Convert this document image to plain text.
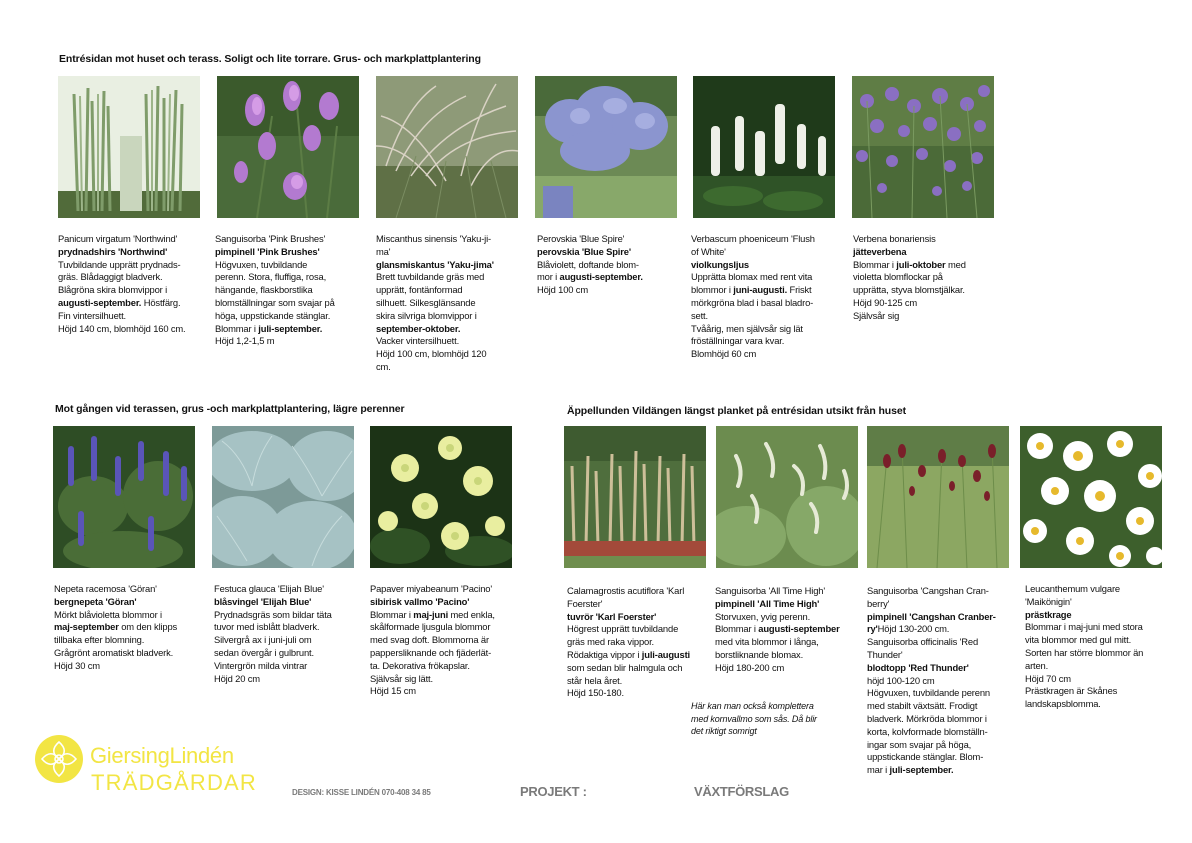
Entrésidan mot huset och terass. Soligt och lite torrare. Grus- och markplattplantering
Mot gången vid terassen, grus -och markplattplantering, lägre perenner	Äppellunden Vildängen längst planket på entrésidan utsikt från huset
Panicum virgatum 'Northwind'
prydnadshirs 'Northwind'
Tuvbildande upprätt prydnads-
gräs. Blådaggigt bladverk.
Blågröna skira blomvippor i
augusti-september. Höstfärg.
Fin vintersilhuett.
Höjd 140 cm, blomhöjd 160 cm.
Sanguisorba 'Pink Brushes'
pimpinell 'Pink Brushes'
Högvuxen, tuvbildande
perenn. Stora, fluffiga, rosa,
hängande, flaskborstlika
blomställningar som svajar på
höga, uppstickande stänglar.
Blommar i juli-september.
Höjd 1,2-1,5 m
Miscanthus sinensis 'Yaku-ji-
ma'
glansmiskantus 'Yaku-jima'
Brett tuvbildande gräs med
upprätt, fontänformad
silhuett. Silkesglänsande
skira silvriga blomvippor i
september-oktober.
Vacker vintersilhuett.
Höjd 100 cm, blomhöjd 120
cm.
Perovskia 'Blue Spire'
perovskia 'Blue Spire'
Blåviolett, doftande blom-
mor i augusti-september.
Höjd 100 cm
Verbascum phoeniceum 'Flush
of White'
violkungsljus
Upprätta blomax med rent vita
blommor i juni-augusti. Friskt
mörkgröna blad i basal bladro-
sett.
Tvåårig, men självsår sig lät
fröställningar vara kvar.
Blomhöjd 60 cm
Verbena bonariensis
jätteverbena
Blommar i juli-oktober med
violetta blomflockar på
upprätta, styva blomstjälkar.
Höjd 90-125 cm
Självsår sig
Nepeta racemosa 'Göran'
bergnepeta 'Göran'
Mörkt blåvioletta blommor i
maj-september om den klipps
tillbaka efter blomning.
Grågrönt aromatiskt bladverk.
Höjd 30 cm
Festuca glauca 'Elijah Blue'
blåsvingel 'Elijah Blue'
Prydnadsgräs som bildar täta
tuvor med isblått bladverk.
Silvergrå ax i juni-juli om
sedan övergår i gulbrunt.
Vintergrön milda vintrar
Höjd 20 cm
Papaver miyabeanum 'Pacino'
sibirisk vallmo 'Pacino'
Blommar i maj-juni med enkla,
skålformade ljusgula blommor
med svag doft. Blommorna är
pappersliknande och fjäderlät-
ta. Dekorativa frökapslar.
Självsår sig lätt.
Höjd 15 cm
Calamagrostis acutiflora 'Karl
Foerster'
tuvrör 'Karl Foerster'
Högrest upprätt tuvbildande
gräs med raka vippor.
Rödaktiga vippor i juli-augusti
som sedan blir halmgula och
står hela året.
Höjd 150-180.
Sanguisorba 'All Time High'
pimpinell 'All Time High'
Storvuxen, yvig perenn.
Blommar i augusti-september
med vita blommor i långa,
borstliknande blomax.
Höjd 180-200 cm
Sanguisorba 'Cangshan Cran-
berry'
pimpinell 'Cangshan Cranber-
ry'Höjd 130-200 cm.
Sanguisorba officinalis 'Red
Thunder'
blodtopp 'Red Thunder'
höjd 100-120 cm
Högvuxen, tuvbildande perenn
med stabilt växtsätt. Frodigt
bladverk. Mörkröda blommor i
korta, kolvformade blomställn-
ingar som svajar på höga,
uppstickande stänglar. Blom-
mar i juli-september.
Leucanthemum vulgare
'Maikönigin'
prästkrage
Blommar i maj-juni med stora
vita blommor med gul mitt.
Sorten har större blommor än
arten.
Höjd 70 cm
Prästkragen är Skånes
landskapsblomma.
Här kan man också komplettera
med kornvallmo som sås. Då blir
det riktigt somrigt
GiersingLindén
TRÄDGÅRDAR	DESIGN: KISSE LINDÉN 070-408 34 85	PROJEKT :	VÄXTFÖRSLAG
